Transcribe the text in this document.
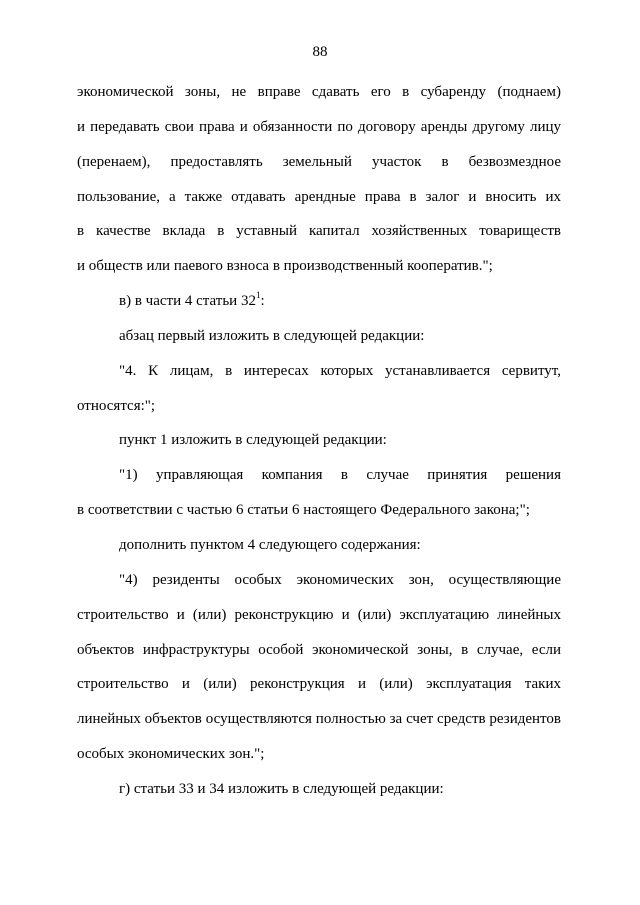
88
экономической зоны, не вправе сдавать его в субаренду (поднаем)
и передавать свои права и обязанности по договору аренды другому лицу
(перенаем), предоставлять земельный участок в безвозмездное
пользование, а также отдавать арендные права в залог и вносить их
в качестве вклада в уставный капитал хозяйственных товариществ
и обществ или паевого взноса в производственный кооператив.";
в) в части 4 статьи $32^1$:
абзац первый изложить в следующей редакции:
"4. К лицам, в интересах которых устанавливается сервитут,
относятся:";
пункт 1 изложить в следующей редакции:
"1) управляющая компания в случае принятия решения
в соответствии с частью 6 статьи 6 настоящего Федерального закона;";
дополнить пунктом 4 следующего содержания:
"4) резиденты особых экономических зон, осуществляющие
строительство и (или) реконструкцию и (или) эксплуатацию линейных
объектов инфраструктуры особой экономической зоны, в случае, если
строительство и (или) реконструкция и (или) эксплуатация таких
линейных объектов осуществляются полностью за счет средств резидентов
особых экономических зон.";
г) статьи 33 и 34 изложить в следующей редакции:
